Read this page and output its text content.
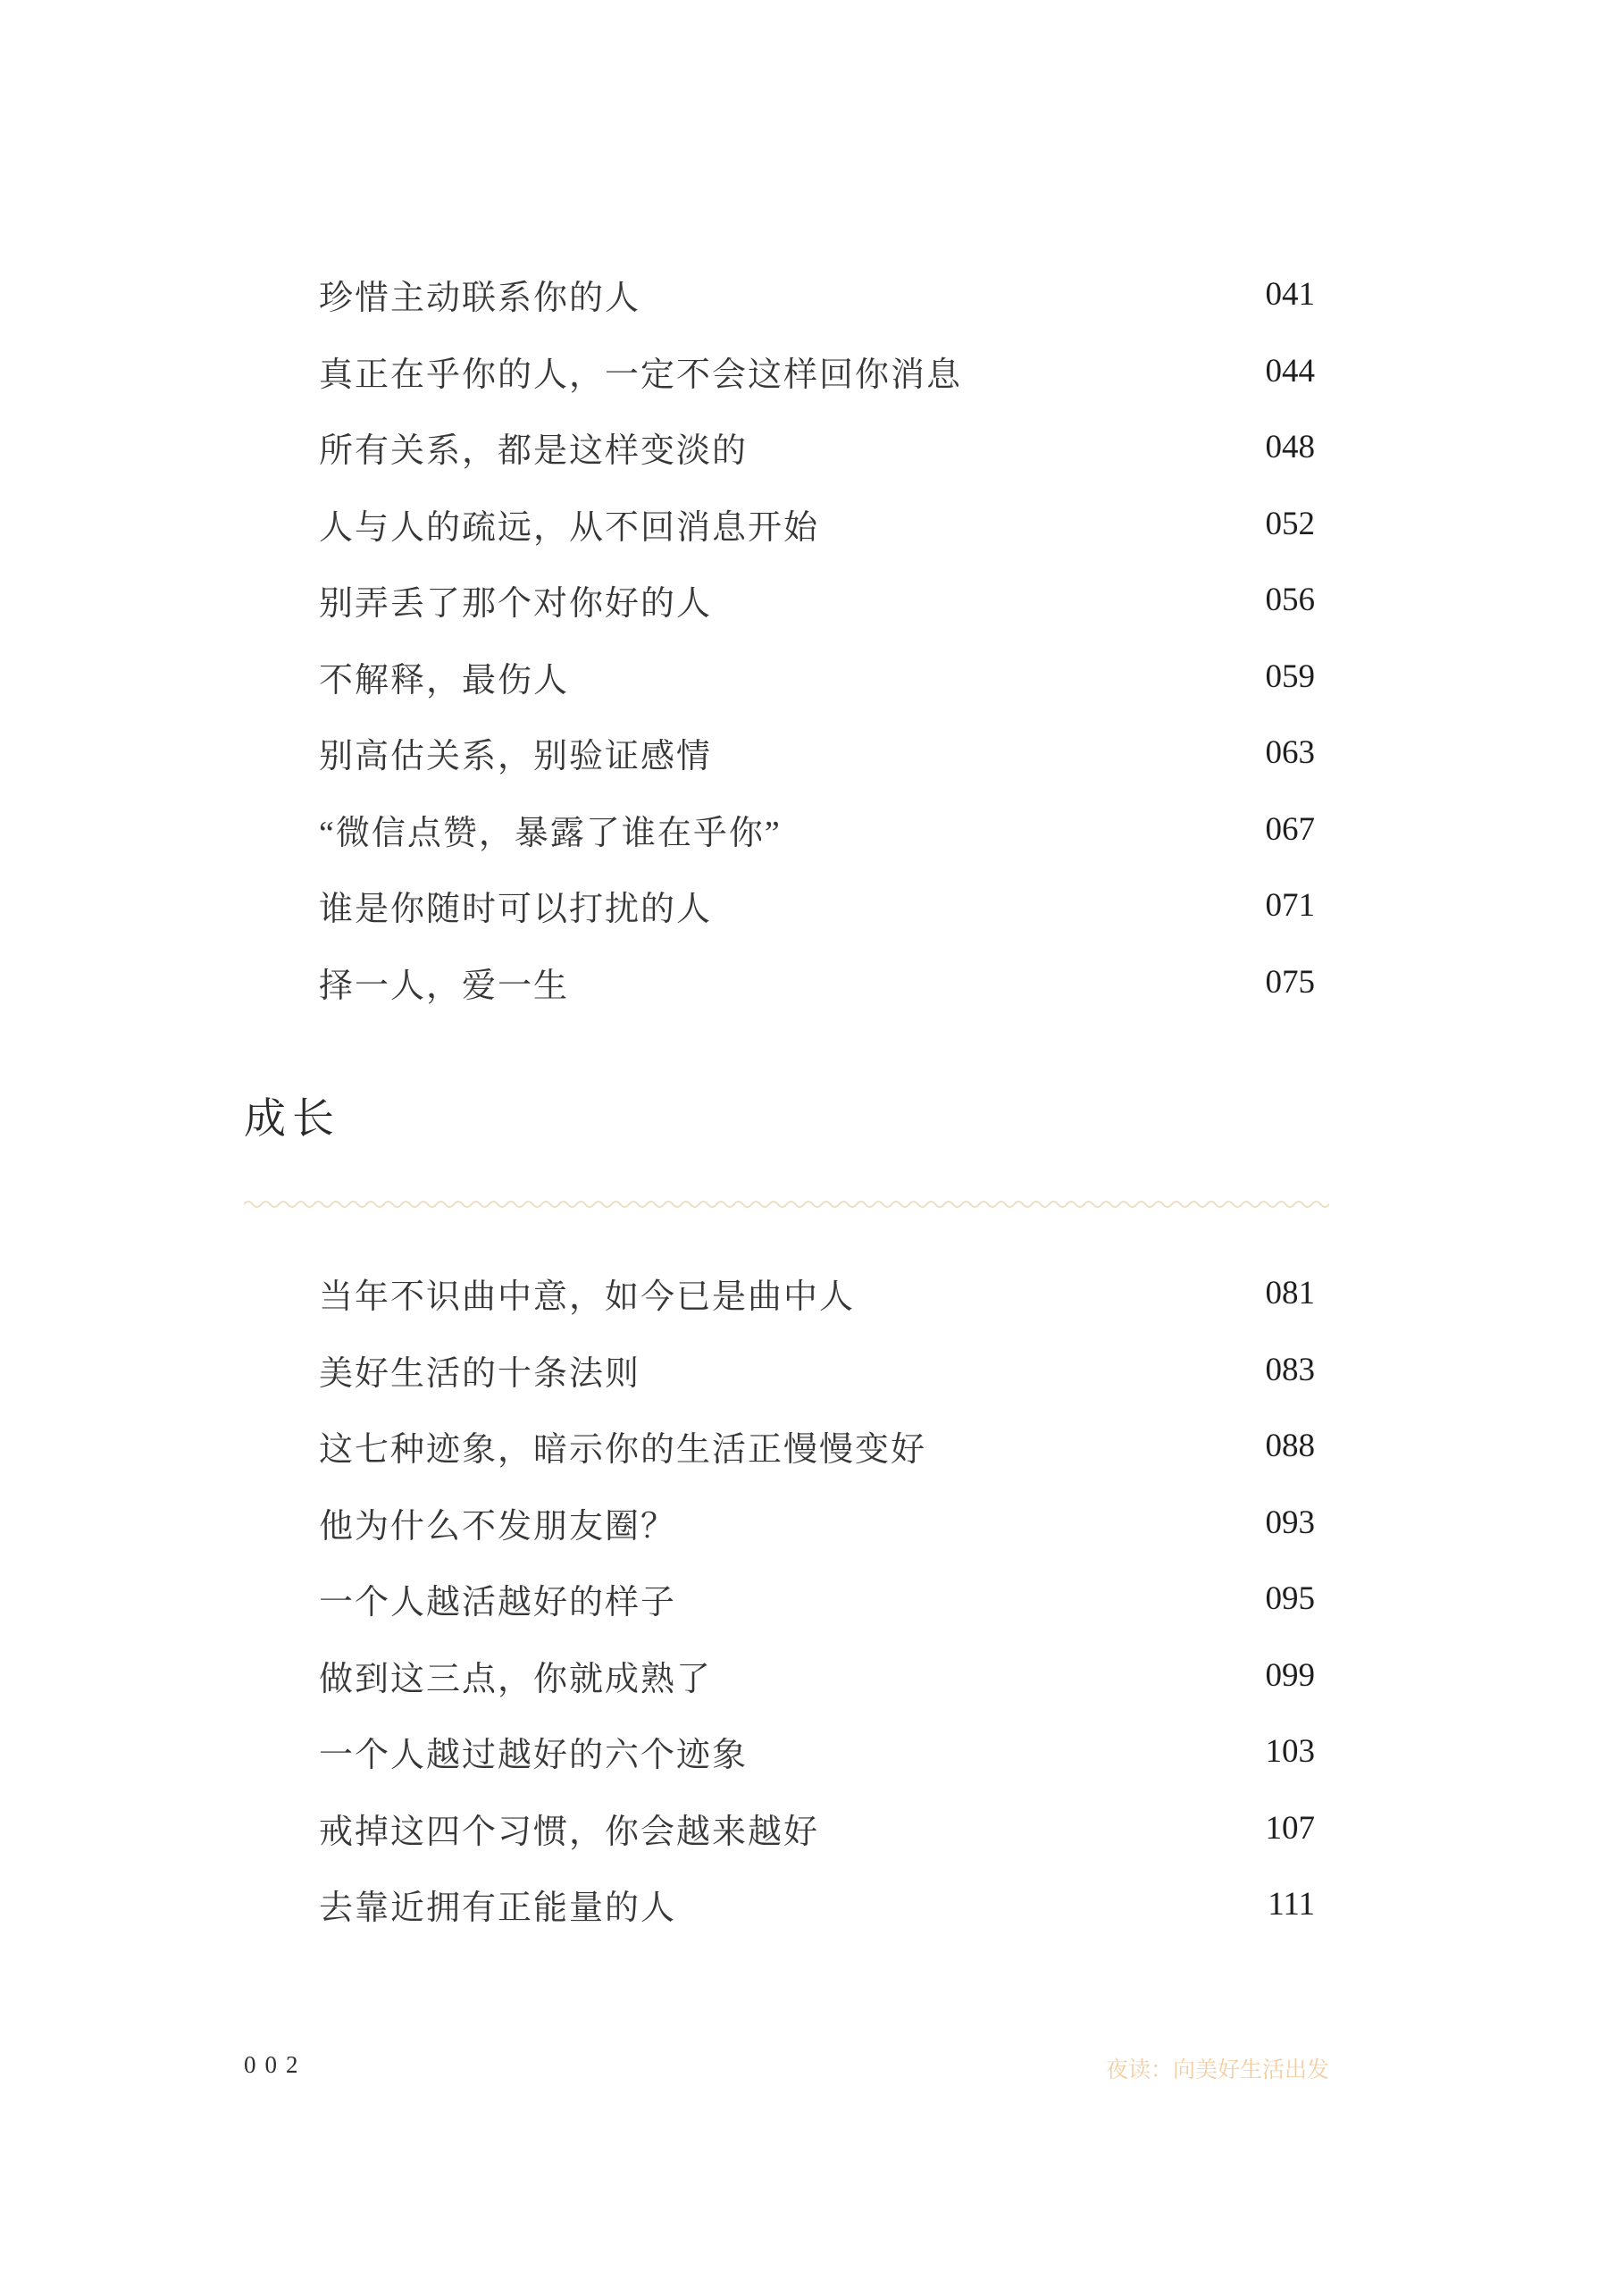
珍惜主动联系你的人	041
真正在乎你的人，一定不会这样回你消息	044
所有关系，都是这样变淡的	048
人与人的疏远，从不回消息开始	052
别弄丢了那个对你好的人	056
不解释，最伤人	059
别高估关系，别验证感情	063
“微信点赞，暴露了谁在乎你”	067
谁是你随时可以打扰的人	071
择一人，爱一生	075
成长
当年不识曲中意，如今已是曲中人	081
美好生活的十条法则	083
这七种迹象，暗示你的生活正慢慢变好	088
他为什么不发朋友圈？	093
一个人越活越好的样子	095
做到这三点，你就成熟了	099
一个人越过越好的六个迹象	103
戒掉这四个习惯，你会越来越好	107
去靠近拥有正能量的人	111
002	夜读：向美好生活出发
